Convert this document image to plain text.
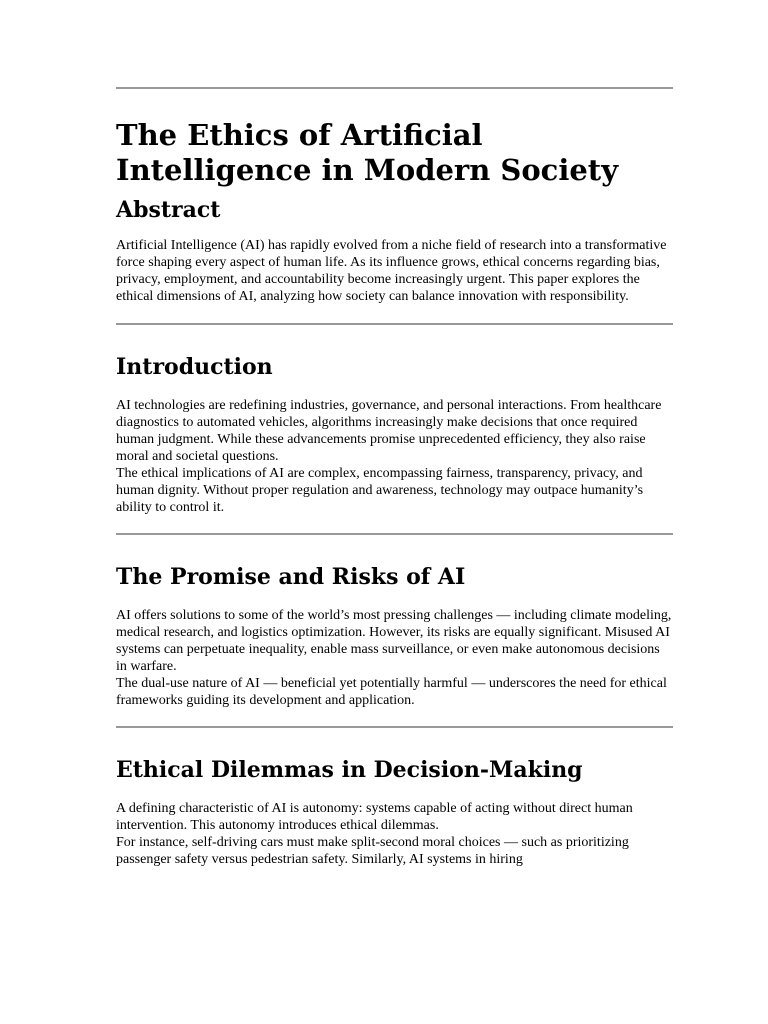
The Ethics of Artificial Intelligence in Modern Society
Abstract

Artificial Intelligence (AI) has rapidly evolved from a niche field of research into a transformative force shaping every aspect of human life. As its influence grows, ethical concerns regarding bias, privacy, employment, and accountability become increasingly urgent. This paper explores the ethical dimensions of AI, analyzing how society can balance innovation with responsibility.

Introduction

AI technologies are redefining industries, governance, and personal interactions. From healthcare diagnostics to automated vehicles, algorithms increasingly make decisions that once required human judgment. While these advancements promise unprecedented efficiency, they also raise moral and societal questions.

The ethical implications of AI are complex, encompassing fairness, transparency, privacy, and human dignity. Without proper regulation and awareness, technology may outpace humanity’s ability to control it.

The Promise and Risks of AI

AI offers solutions to some of the world’s most pressing challenges — including climate modeling, medical research, and logistics optimization. However, its risks are equally significant. Misused AI systems can perpetuate inequality, enable mass surveillance, or even make autonomous decisions in warfare.

The dual-use nature of AI — beneficial yet potentially harmful — underscores the need for ethical frameworks guiding its development and application.

Ethical Dilemmas in Decision-Making

A defining characteristic of AI is autonomy: systems capable of acting without direct human intervention. This autonomy introduces ethical dilemmas.

For instance, self-driving cars must make split-second moral choices — such as prioritizing passenger safety versus pedestrian safety. Similarly, AI systems in hiring
